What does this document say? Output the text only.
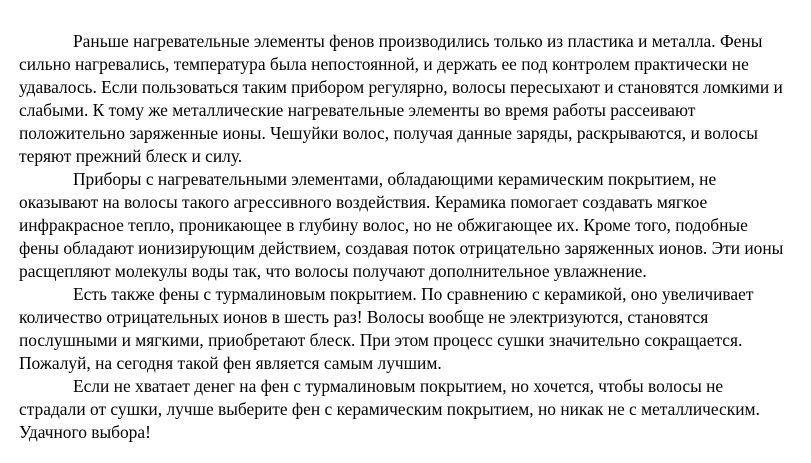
Раньше нагревательные элементы фенов производились только из пластика и металла. Фены сильно нагревались, температура была непостоянной, и держать ее под контролем практически не удавалось. Если пользоваться таким прибором регулярно, волосы пересыхают и становятся ломкими и слабыми. К тому же металлические нагревательные элементы во время работы рассеивают положительно заряженные ионы. Чешуйки волос, получая данные заряды, раскрываются, и волосы теряют прежний блеск и силу.

Приборы с нагревательными элементами, обладающими керамическим покрытием, не оказывают на волосы такого агрессивного воздействия. Керамика помогает создавать мягкое инфракрасное тепло, проникающее в глубину волос, но не обжигающее их. Кроме того, подобные фены обладают ионизирующим действием, создавая поток отрицательно заряженных ионов. Эти ионы расщепляют молекулы воды так, что волосы получают дополнительное увлажнение.

Есть также фены с турмалиновым покрытием. По сравнению с керамикой, оно увеличивает количество отрицательных ионов в шесть раз! Волосы вообще не электризуются, становятся послушными и мягкими, приобретают блеск. При этом процесс сушки значительно сокращается. Пожалуй, на сегодня такой фен является самым лучшим.

Если не хватает денег на фен с турмалиновым покрытием, но хочется, чтобы волосы не страдали от сушки, лучше выберите фен с керамическим покрытием, но никак не с металлическим. Удачного выбора!
